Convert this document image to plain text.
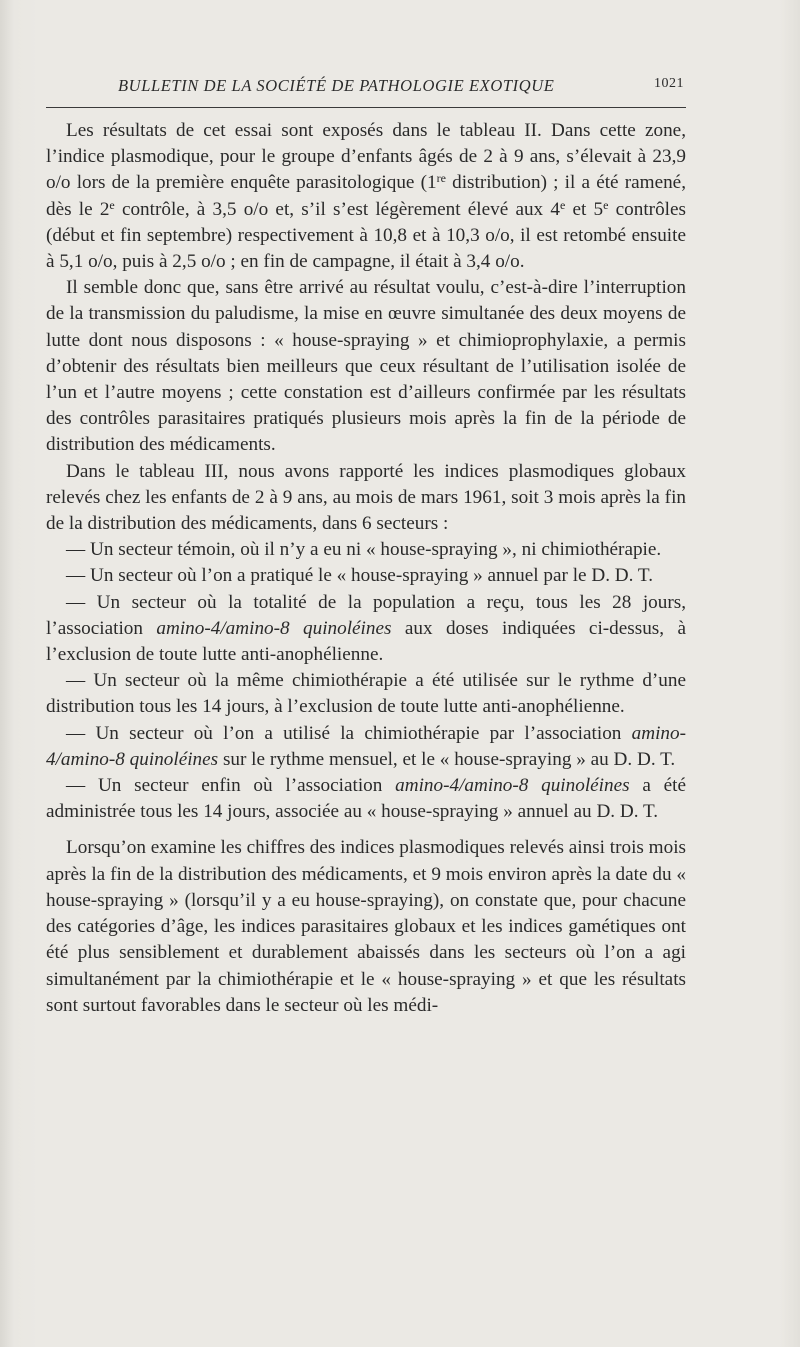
BULLETIN DE LA SOCIÉTÉ DE PATHOLOGIE EXOTIQUE	1021

Les résultats de cet essai sont exposés dans le tableau II. Dans cette zone, l’indice plasmodique, pour le groupe d’enfants âgés de 2 à 9 ans, s’élevait à 23,9 o/o lors de la première enquête parasitologique (1re distribution) ; il a été ramené, dès le 2e contrôle, à 3,5 o/o et, s’il s’est légèrement élevé aux 4e et 5e contrôles (début et fin septembre) respectivement à 10,8 et à 10,3 o/o, il est retombé ensuite à 5,1 o/o, puis à 2,5 o/o ; en fin de campagne, il était à 3,4 o/o.

Il semble donc que, sans être arrivé au résultat voulu, c’est-à-dire l’interruption de la transmission du paludisme, la mise en œuvre simultanée des deux moyens de lutte dont nous disposons : « house-spraying » et chimioprophylaxie, a permis d’obtenir des résultats bien meilleurs que ceux résultant de l’utilisation isolée de l’un et l’autre moyens ; cette constation est d’ailleurs confirmée par les résultats des contrôles parasitaires pratiqués plusieurs mois après la fin de la période de distribution des médicaments.

Dans le tableau III, nous avons rapporté les indices plasmodiques globaux relevés chez les enfants de 2 à 9 ans, au mois de mars 1961, soit 3 mois après la fin de la distribution des médicaments, dans 6 secteurs :

— Un secteur témoin, où il n’y a eu ni « house-spraying », ni chimiothérapie.

— Un secteur où l’on a pratiqué le « house-spraying » annuel par le D. D. T.

— Un secteur où la totalité de la population a reçu, tous les 28 jours, l’association amino-4/amino-8 quinoléines aux doses indiquées ci-dessus, à l’exclusion de toute lutte anti-anophélienne.

— Un secteur où la même chimiothérapie a été utilisée sur le rythme d’une distribution tous les 14 jours, à l’exclusion de toute lutte anti-anophélienne.

— Un secteur où l’on a utilisé la chimiothérapie par l’association amino-4/amino-8 quinoléines sur le rythme mensuel, et le « house-spraying » au D. D. T.

— Un secteur enfin où l’association amino-4/amino-8 quinoléines a été administrée tous les 14 jours, associée au « house-spraying » annuel au D. D. T.

Lorsqu’on examine les chiffres des indices plasmodiques relevés ainsi trois mois après la fin de la distribution des médicaments, et 9 mois environ après la date du « house-spraying » (lorsqu’il y a eu house-spraying), on constate que, pour chacune des catégories d’âge, les indices parasitaires globaux et les indices gamétiques ont été plus sensiblement et durablement abaissés dans les secteurs où l’on a agi simultanément par la chimiothérapie et le « house-spraying » et que les résultats sont surtout favorables dans le secteur où les médi-
